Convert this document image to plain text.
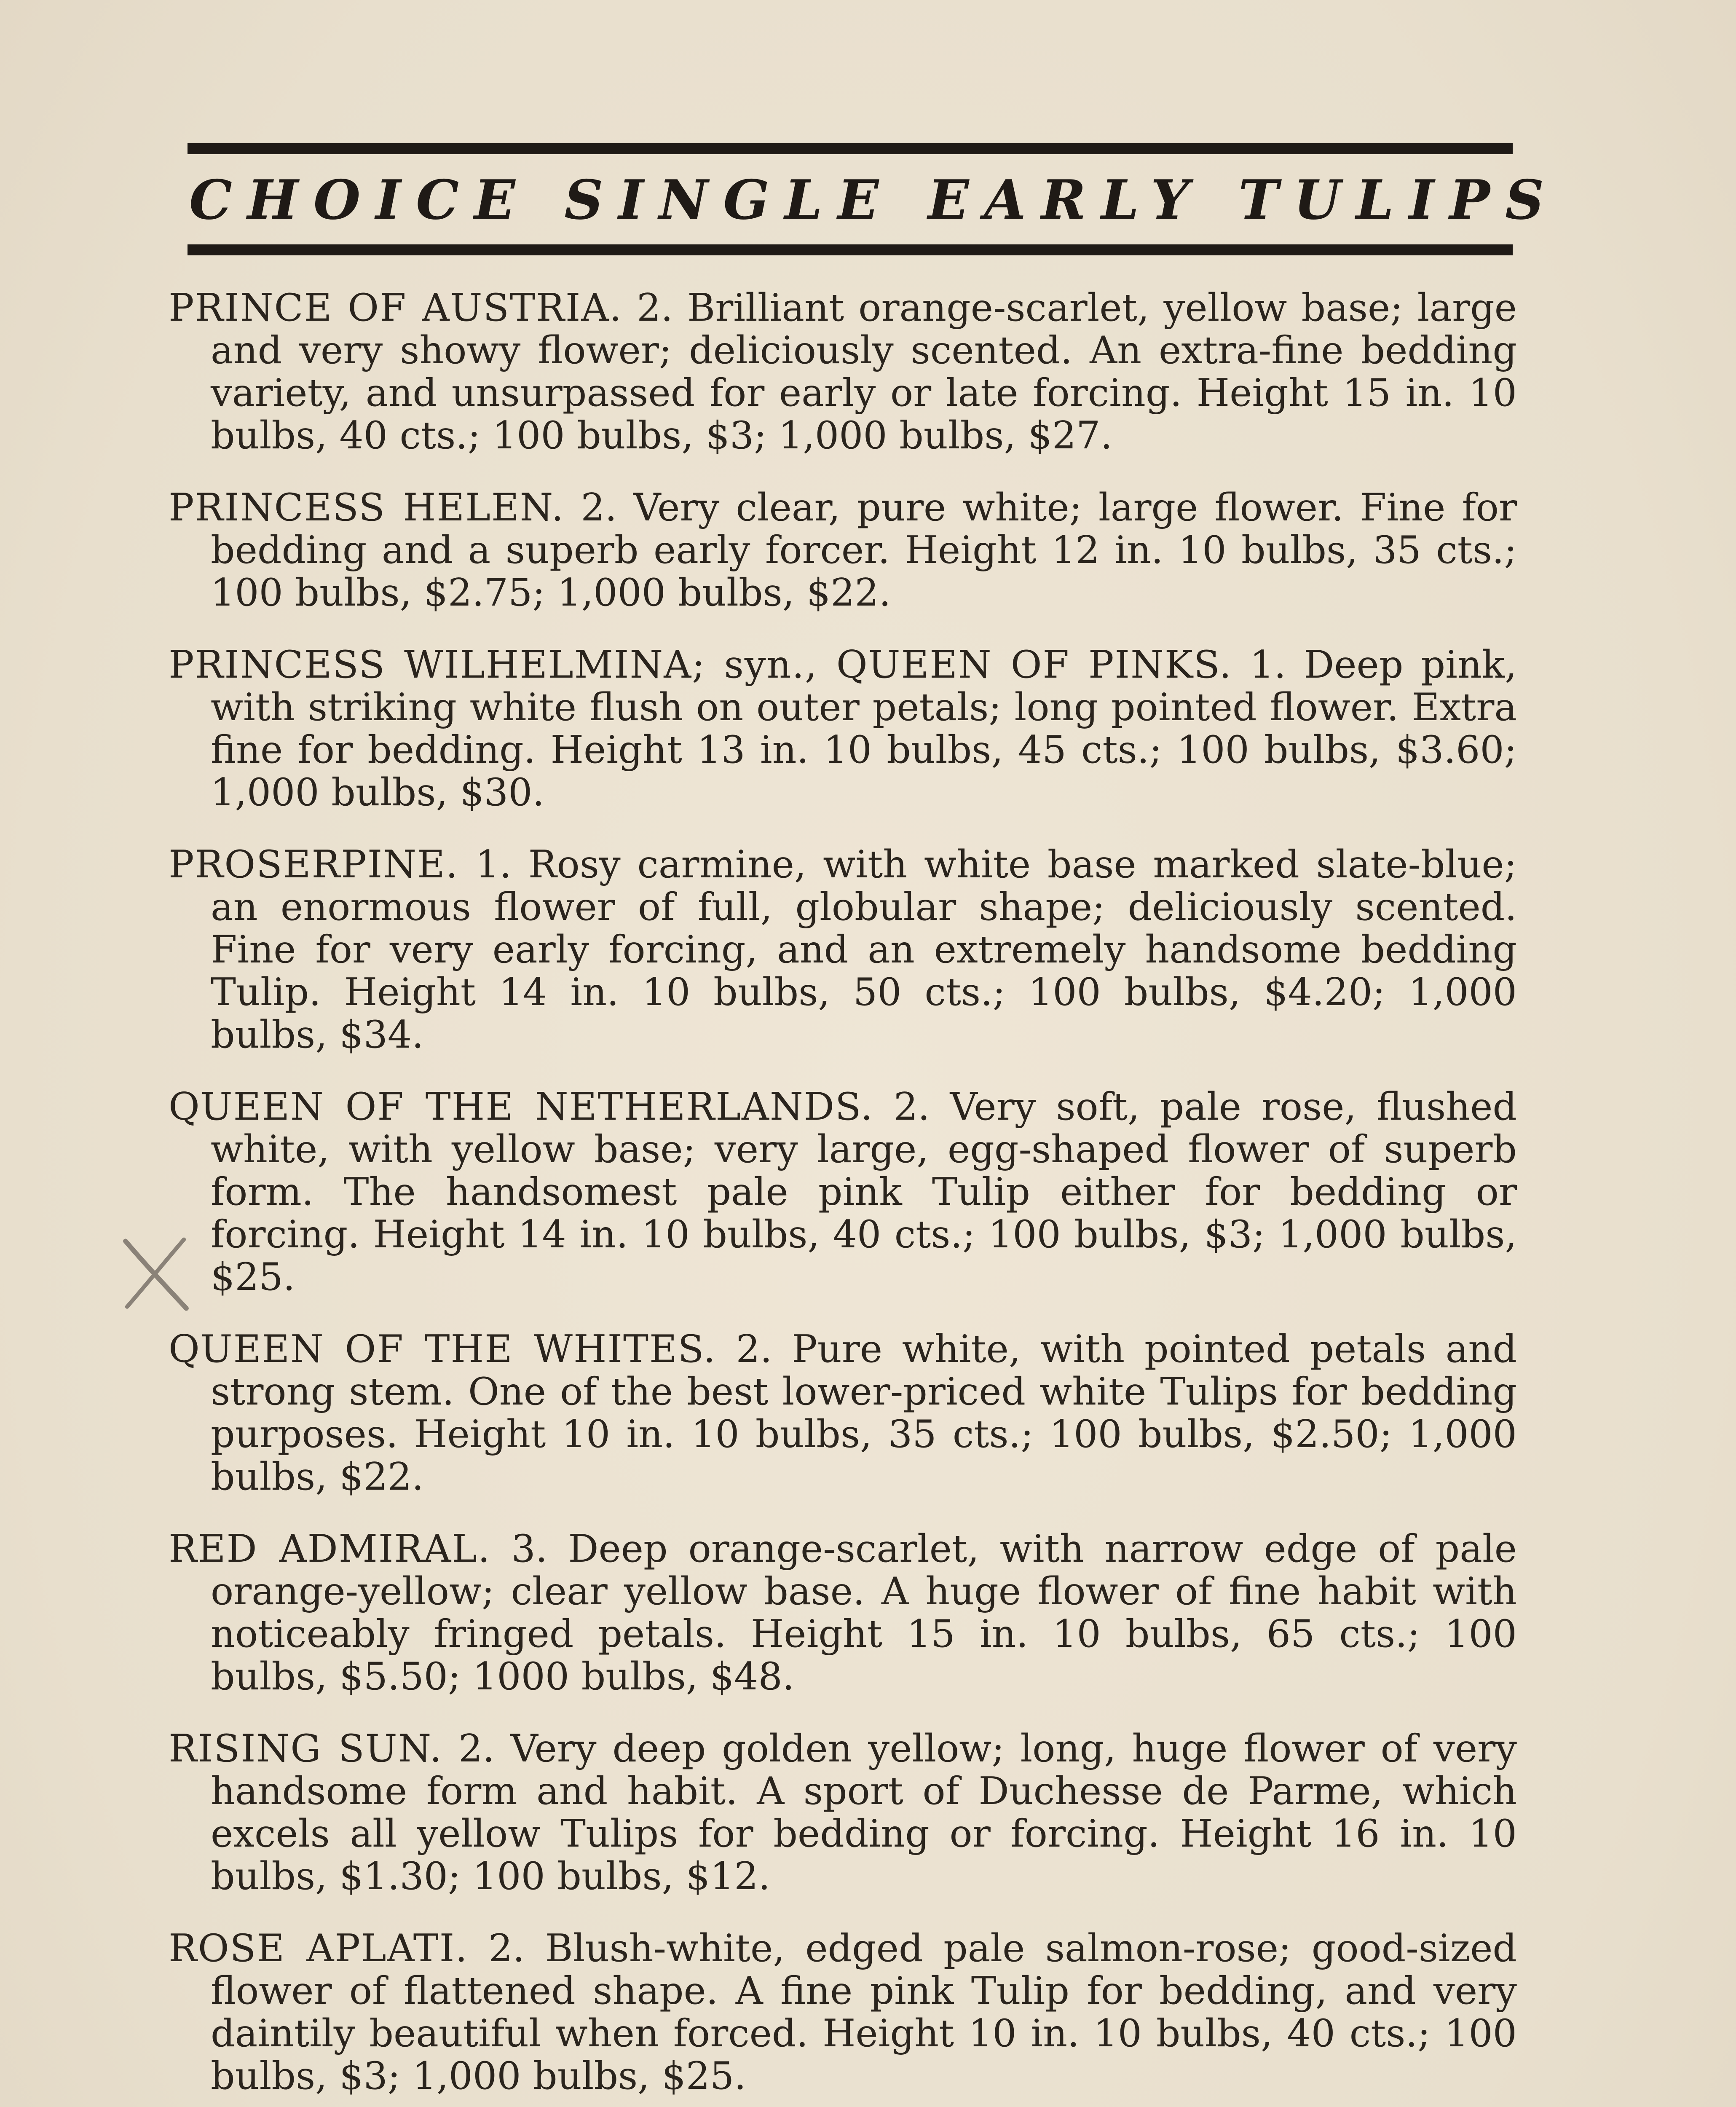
CHOICE SINGLE EARLY TULIPS

PRINCE OF AUSTRIA. 2. Brilliant orange-scarlet, yellow base; large and very showy flower; deliciously scented. An extra-fine bedding variety, and unsurpassed for early or late forcing. Height 15 in. 10 bulbs, 40 cts.; 100 bulbs, $3; 1,000 bulbs, $27.

PRINCESS HELEN. 2. Very clear, pure white; large flower. Fine for bedding and a superb early forcer. Height 12 in. 10 bulbs, 35 cts.; 100 bulbs, $2.75; 1,000 bulbs, $22.

PRINCESS WILHELMINA; syn., QUEEN OF PINKS. 1. Deep pink, with striking white flush on outer petals; long pointed flower. Extra fine for bedding. Height 13 in. 10 bulbs, 45 cts.; 100 bulbs, $3.60; 1,000 bulbs, $30.

PROSERPINE. 1. Rosy carmine, with white base marked slate-blue; an enormous flower of full, globular shape; deliciously scented. Fine for very early forcing, and an extremely handsome bedding Tulip. Height 14 in. 10 bulbs, 50 cts.; 100 bulbs, $4.20; 1,000 bulbs, $34.

QUEEN OF THE NETHERLANDS. 2. Very soft, pale rose, flushed white, with yellow base; very large, egg-shaped flower of superb form. The handsomest pale pink Tulip either for bedding or forcing. Height 14 in. 10 bulbs, 40 cts.; 100 bulbs, $3; 1,000 bulbs, $25.

QUEEN OF THE WHITES. 2. Pure white, with pointed petals and strong stem. One of the best lower-priced white Tulips for bedding purposes. Height 10 in. 10 bulbs, 35 cts.; 100 bulbs, $2.50; 1,000 bulbs, $22.

RED ADMIRAL. 3. Deep orange-scarlet, with narrow edge of pale orange-yellow; clear yellow base. A huge flower of fine habit with noticeably fringed petals. Height 15 in. 10 bulbs, 65 cts.; 100 bulbs, $5.50; 1000 bulbs, $48.

RISING SUN. 2. Very deep golden yellow; long, huge flower of very handsome form and habit. A sport of Duchesse de Parme, which excels all yellow Tulips for bedding or forcing. Height 16 in. 10 bulbs, $1.30; 100 bulbs, $12.

ROSE APLATI. 2. Blush-white, edged pale salmon-rose; good-sized flower of flattened shape. A fine pink Tulip for bedding, and very daintily beautiful when forced. Height 10 in. 10 bulbs, 40 cts.; 100 bulbs, $3; 1,000 bulbs, $25.
